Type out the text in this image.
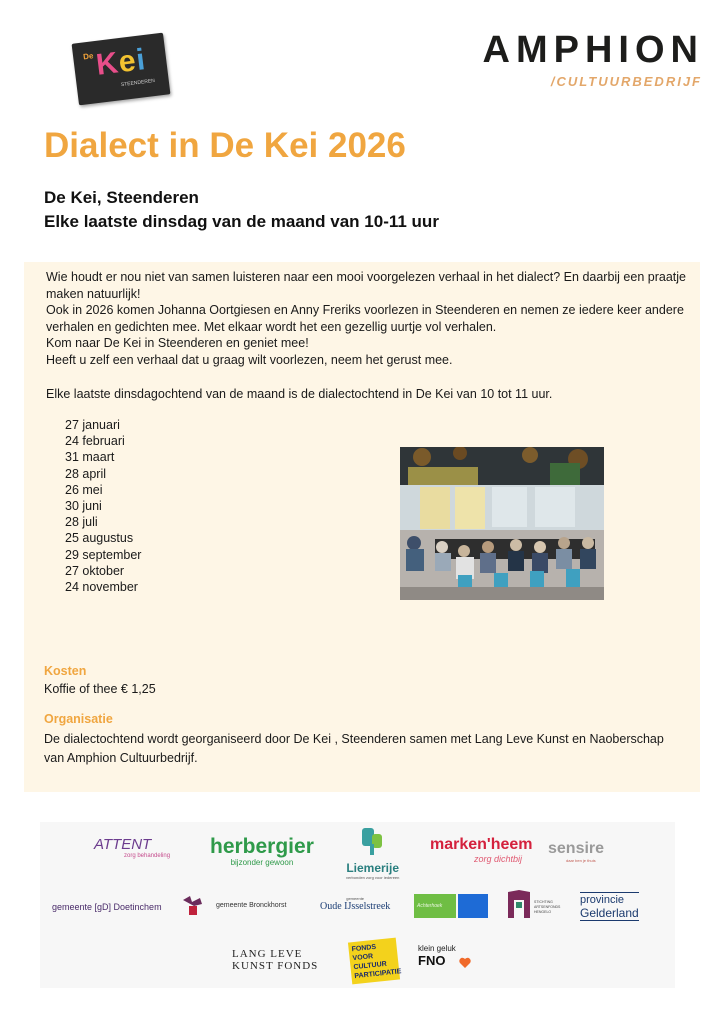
De Kei
STEENDEREN
AMPHION
/CULTUURBEDRIJF
Dialect in De Kei 2026
De Kei, Steenderen
Elke laatste dinsdag van de maand van 10-11 uur

Wie houdt er nou niet van samen luisteren naar een mooi voorgelezen verhaal in het dialect? En daarbij een praatje maken natuurlijk!

Ook in 2026 komen Johanna Oortgiesen en Anny Freriks voorlezen in Steenderen en nemen ze iedere keer andere verhalen en gedichten mee. Met elkaar wordt het een gezellig uurtje vol verhalen.

Kom naar De Kei in Steenderen en geniet mee!

Heeft u zelf een verhaal dat u graag wilt voorlezen, neem het gerust mee.

Elke laatste dinsdagochtend van de maand is de dialectochtend in De Kei van 10 tot 11 uur.

27 januari
24 februari
31 maart
28 april
26 mei
30 juni
28 juli
25 augustus
29 september
27 oktober
24 november
Kosten
Koffie of thee € 1,25
Organisatie
De dialectochtend wordt georganiseerd door De Kei , Steenderen samen met Lang Leve Kunst en Naoberschap van Amphion Cultuurbedrijf.
ATTENT
zorg behandeling herbergier
bijzonder gewoon	Liemerije
verbonden zorg voor iedereen
marken'heem
zorg dichtbij
sensire
daar ben je thuis
gemeente [gD] Doetinchem	gemeente Bronckhorst
gemeente
Oude IJsselstreek	Achterhoek
STICHTING ARTSENFONDS HENGELO
provincie
Gelderland
LANG LEVE
KUNST FONDS
FONDS VOOR CULTUUR PARTICIPATIE
klein geluk
FNO
